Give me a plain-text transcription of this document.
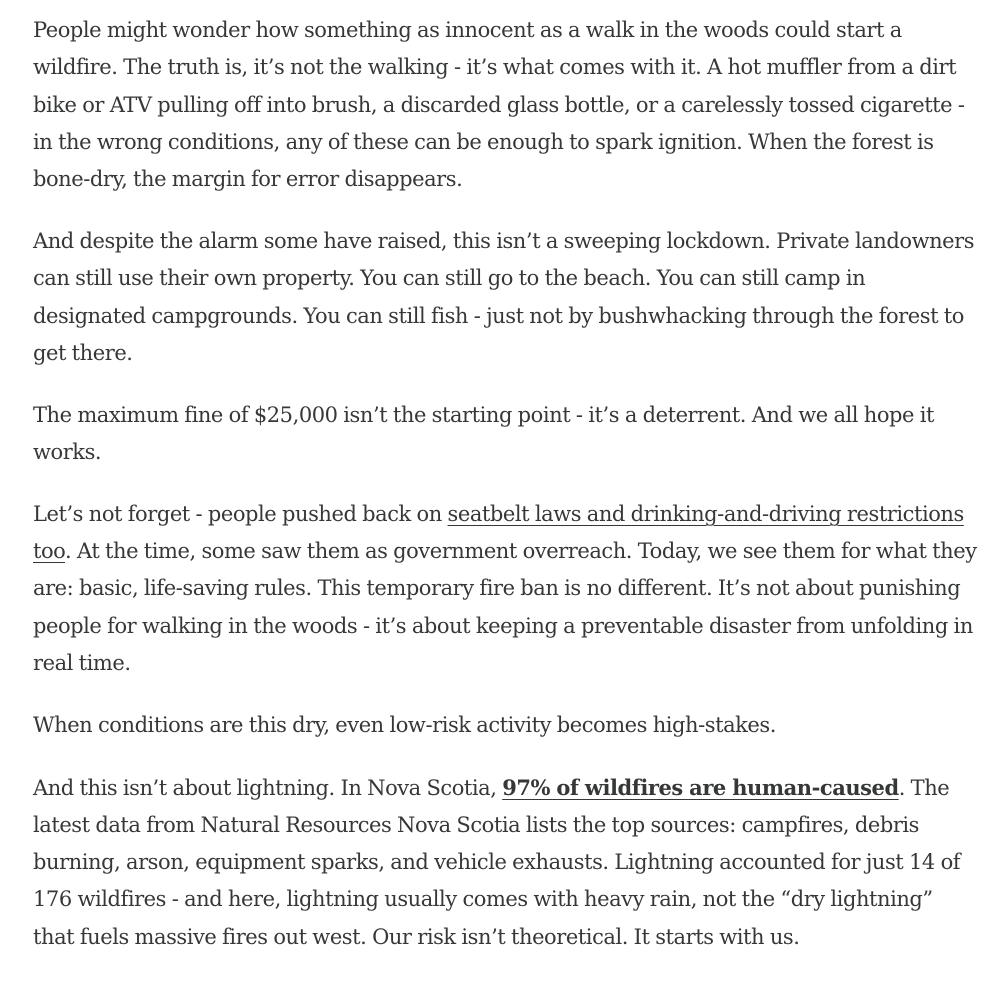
People might wonder how something as innocent as a walk in the woods could start a wildfire. The truth is, it’s not the walking - it’s what comes with it. A hot muffler from a dirt bike or ATV pulling off into brush, a discarded glass bottle, or a carelessly tossed cigarette - in the wrong conditions, any of these can be enough to spark ignition. When the forest is bone-dry, the margin for error disappears.

And despite the alarm some have raised, this isn’t a sweeping lockdown. Private landowners can still use their own property. You can still go to the beach. You can still camp in designated campgrounds. You can still fish - just not by bushwhacking through the forest to get there.

The maximum fine of $25,000 isn’t the starting point - it’s a deterrent. And we all hope it works.

Let’s not forget - people pushed back on seatbelt laws and drinking-and-driving restrictions too. At the time, some saw them as government overreach. Today, we see them for what they are: basic, life-saving rules. This temporary fire ban is no different. It’s not about punishing people for walking in the woods - it’s about keeping a preventable disaster from unfolding in real time.

When conditions are this dry, even low-risk activity becomes high-stakes.

And this isn’t about lightning. In Nova Scotia, 97% of wildfires are human-caused. The latest data from Natural Resources Nova Scotia lists the top sources: campfires, debris burning, arson, equipment sparks, and vehicle exhausts. Lightning accounted for just 14 of 176 wildfires - and here, lightning usually comes with heavy rain, not the “dry lightning” that fuels massive fires out west. Our risk isn’t theoretical. It starts with us.
